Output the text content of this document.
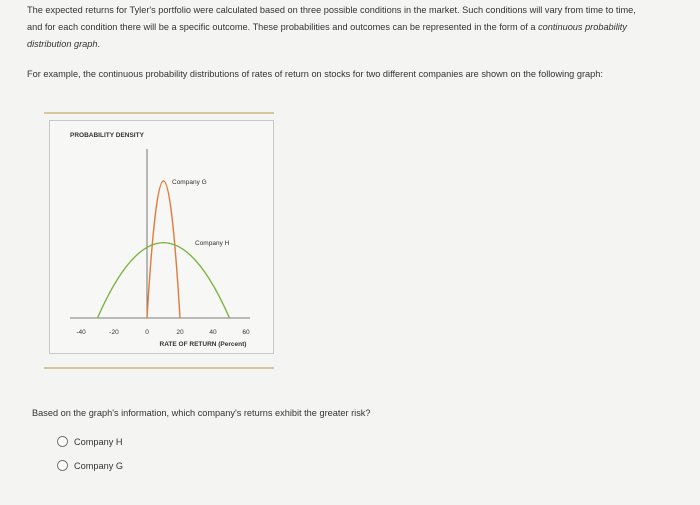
The expected returns for Tyler's portfolio were calculated based on three possible conditions in the market. Such conditions will vary from time to time,
and for each condition there will be a specific outcome. These probabilities and outcomes can be represented in the form of a continuous probability
distribution graph.
For example, the continuous probability distributions of rates of return on stocks for two different companies are shown on the following graph:
PROBABILITY DENSITY
-40	-20	0	20	40	60
RATE OF RETURN (Percent)
Company G
Company H
Based on the graph's information, which company's returns exhibit the greater risk?
Company H
Company G
